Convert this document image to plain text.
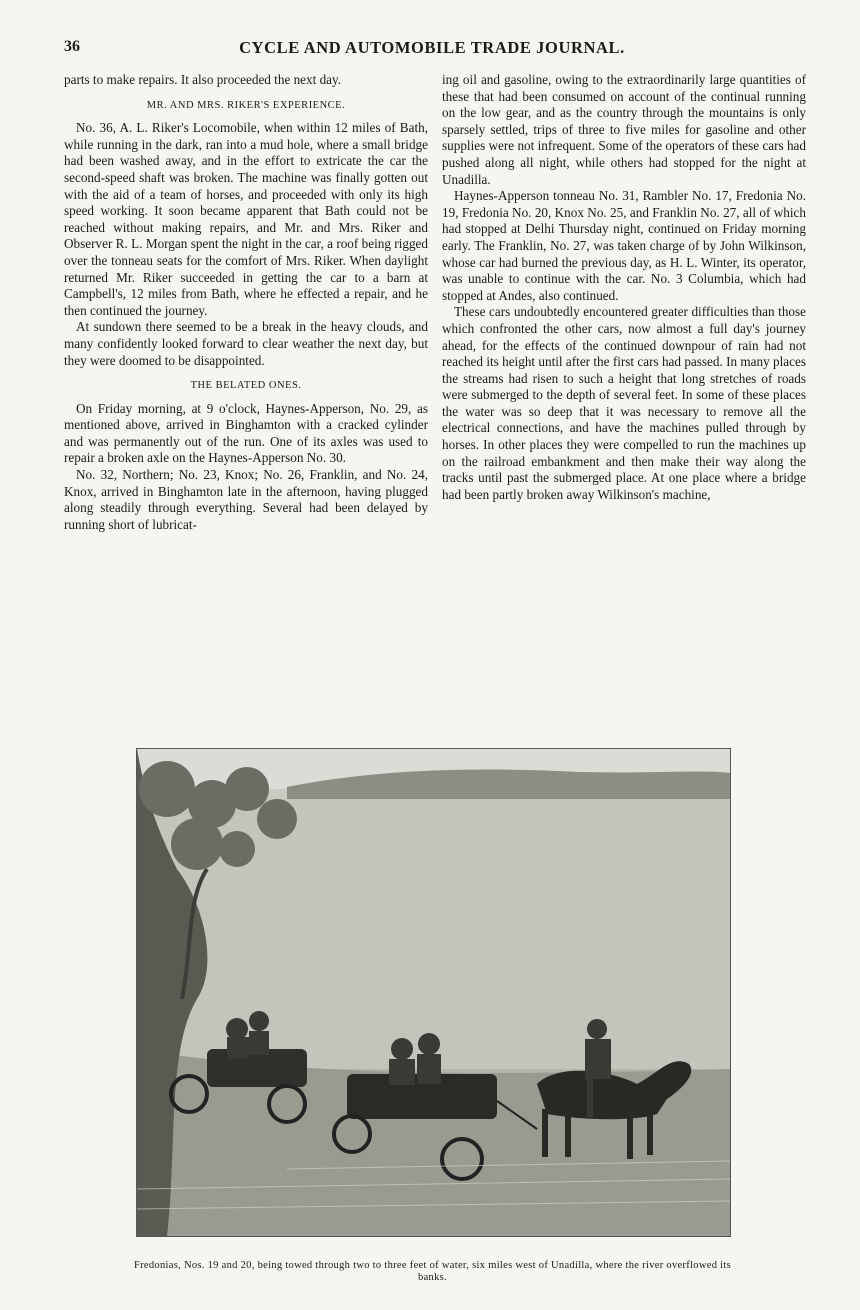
36	CYCLE AND AUTOMOBILE TRADE JOURNAL.

parts to make repairs. It also proceeded the next day.

MR. AND MRS. RIKER'S EXPERIENCE.

No. 36, A. L. Riker's Locomobile, when within 12 miles of Bath, while running in the dark, ran into a mud hole, where a small bridge had been washed away, and in the effort to extricate the car the second-speed shaft was broken. The machine was finally gotten out with the aid of a team of horses, and proceeded with only its high speed working. It soon became apparent that Bath could not be reached without making repairs, and Mr. and Mrs. Riker and Observer R. L. Morgan spent the night in the car, a roof being rigged over the tonneau seats for the comfort of Mrs. Riker. When daylight returned Mr. Riker succeeded in getting the car to a barn at Campbell's, 12 miles from Bath, where he effected a repair, and he then continued the journey.

At sundown there seemed to be a break in the heavy clouds, and many confidently looked forward to clear weather the next day, but they were doomed to be disappointed.

THE BELATED ONES.

On Friday morning, at 9 o'clock, Haynes-Apperson, No. 29, as mentioned above, arrived in Binghamton with a cracked cylinder and was permanently out of the run. One of its axles was used to repair a broken axle on the Haynes-Apperson No. 30.

No. 32, Northern; No. 23, Knox; No. 26, Franklin, and No. 24, Knox, arrived in Binghamton late in the afternoon, having plugged along steadily through everything. Several had been delayed by running short of lubricat-

ing oil and gasoline, owing to the extraordinarily large quantities of these that had been consumed on account of the continual running on the low gear, and as the country through the mountains is only sparsely settled, trips of three to five miles for gasoline and other supplies were not infrequent. Some of the operators of these cars had pushed along all night, while others had stopped for the night at Unadilla.

Haynes-Apperson tonneau No. 31, Rambler No. 17, Fredonia No. 19, Fredonia No. 20, Knox No. 25, and Franklin No. 27, all of which had stopped at Delhi Thursday night, continued on Friday morning early. The Franklin, No. 27, was taken charge of by John Wilkinson, whose car had burned the previous day, as H. L. Winter, its operator, was unable to continue with the car. No. 3 Columbia, which had stopped at Andes, also continued.

These cars undoubtedly encountered greater difficulties than those which confronted the other cars, now almost a full day's journey ahead, for the effects of the continued downpour of rain had not reached its height until after the first cars had passed. In many places the streams had risen to such a height that long stretches of roads were submerged to the depth of several feet. In some of these places the water was so deep that it was necessary to remove all the electrical connections, and have the machines pulled through by horses. In other places they were compelled to run the machines up on the railroad embankment and then make their way along the tracks until past the submerged place. At one place where a bridge had been partly broken away Wilkinson's machine,

Fredonias, Nos. 19 and 20, being towed through two to three feet of water, six miles west of Unadilla, where the river overflowed its banks.
